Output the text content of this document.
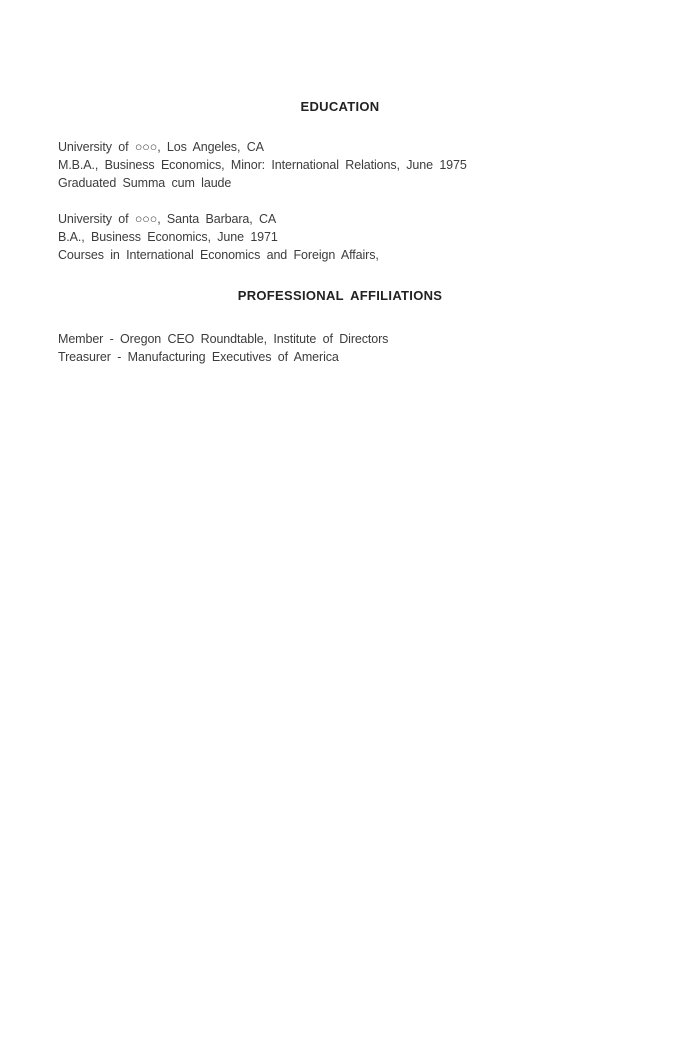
EDUCATION
University of ○○○, Los Angeles, CA
M.B.A., Business Economics, Minor: International Relations, June 1975
Graduated Summa cum laude
University of ○○○, Santa Barbara, CA
B.A., Business Economics, June 1971
Courses in International Economics and Foreign Affairs,
PROFESSIONAL AFFILIATIONS
Member - Oregon CEO Roundtable, Institute of Directors
Treasurer - Manufacturing Executives of America
